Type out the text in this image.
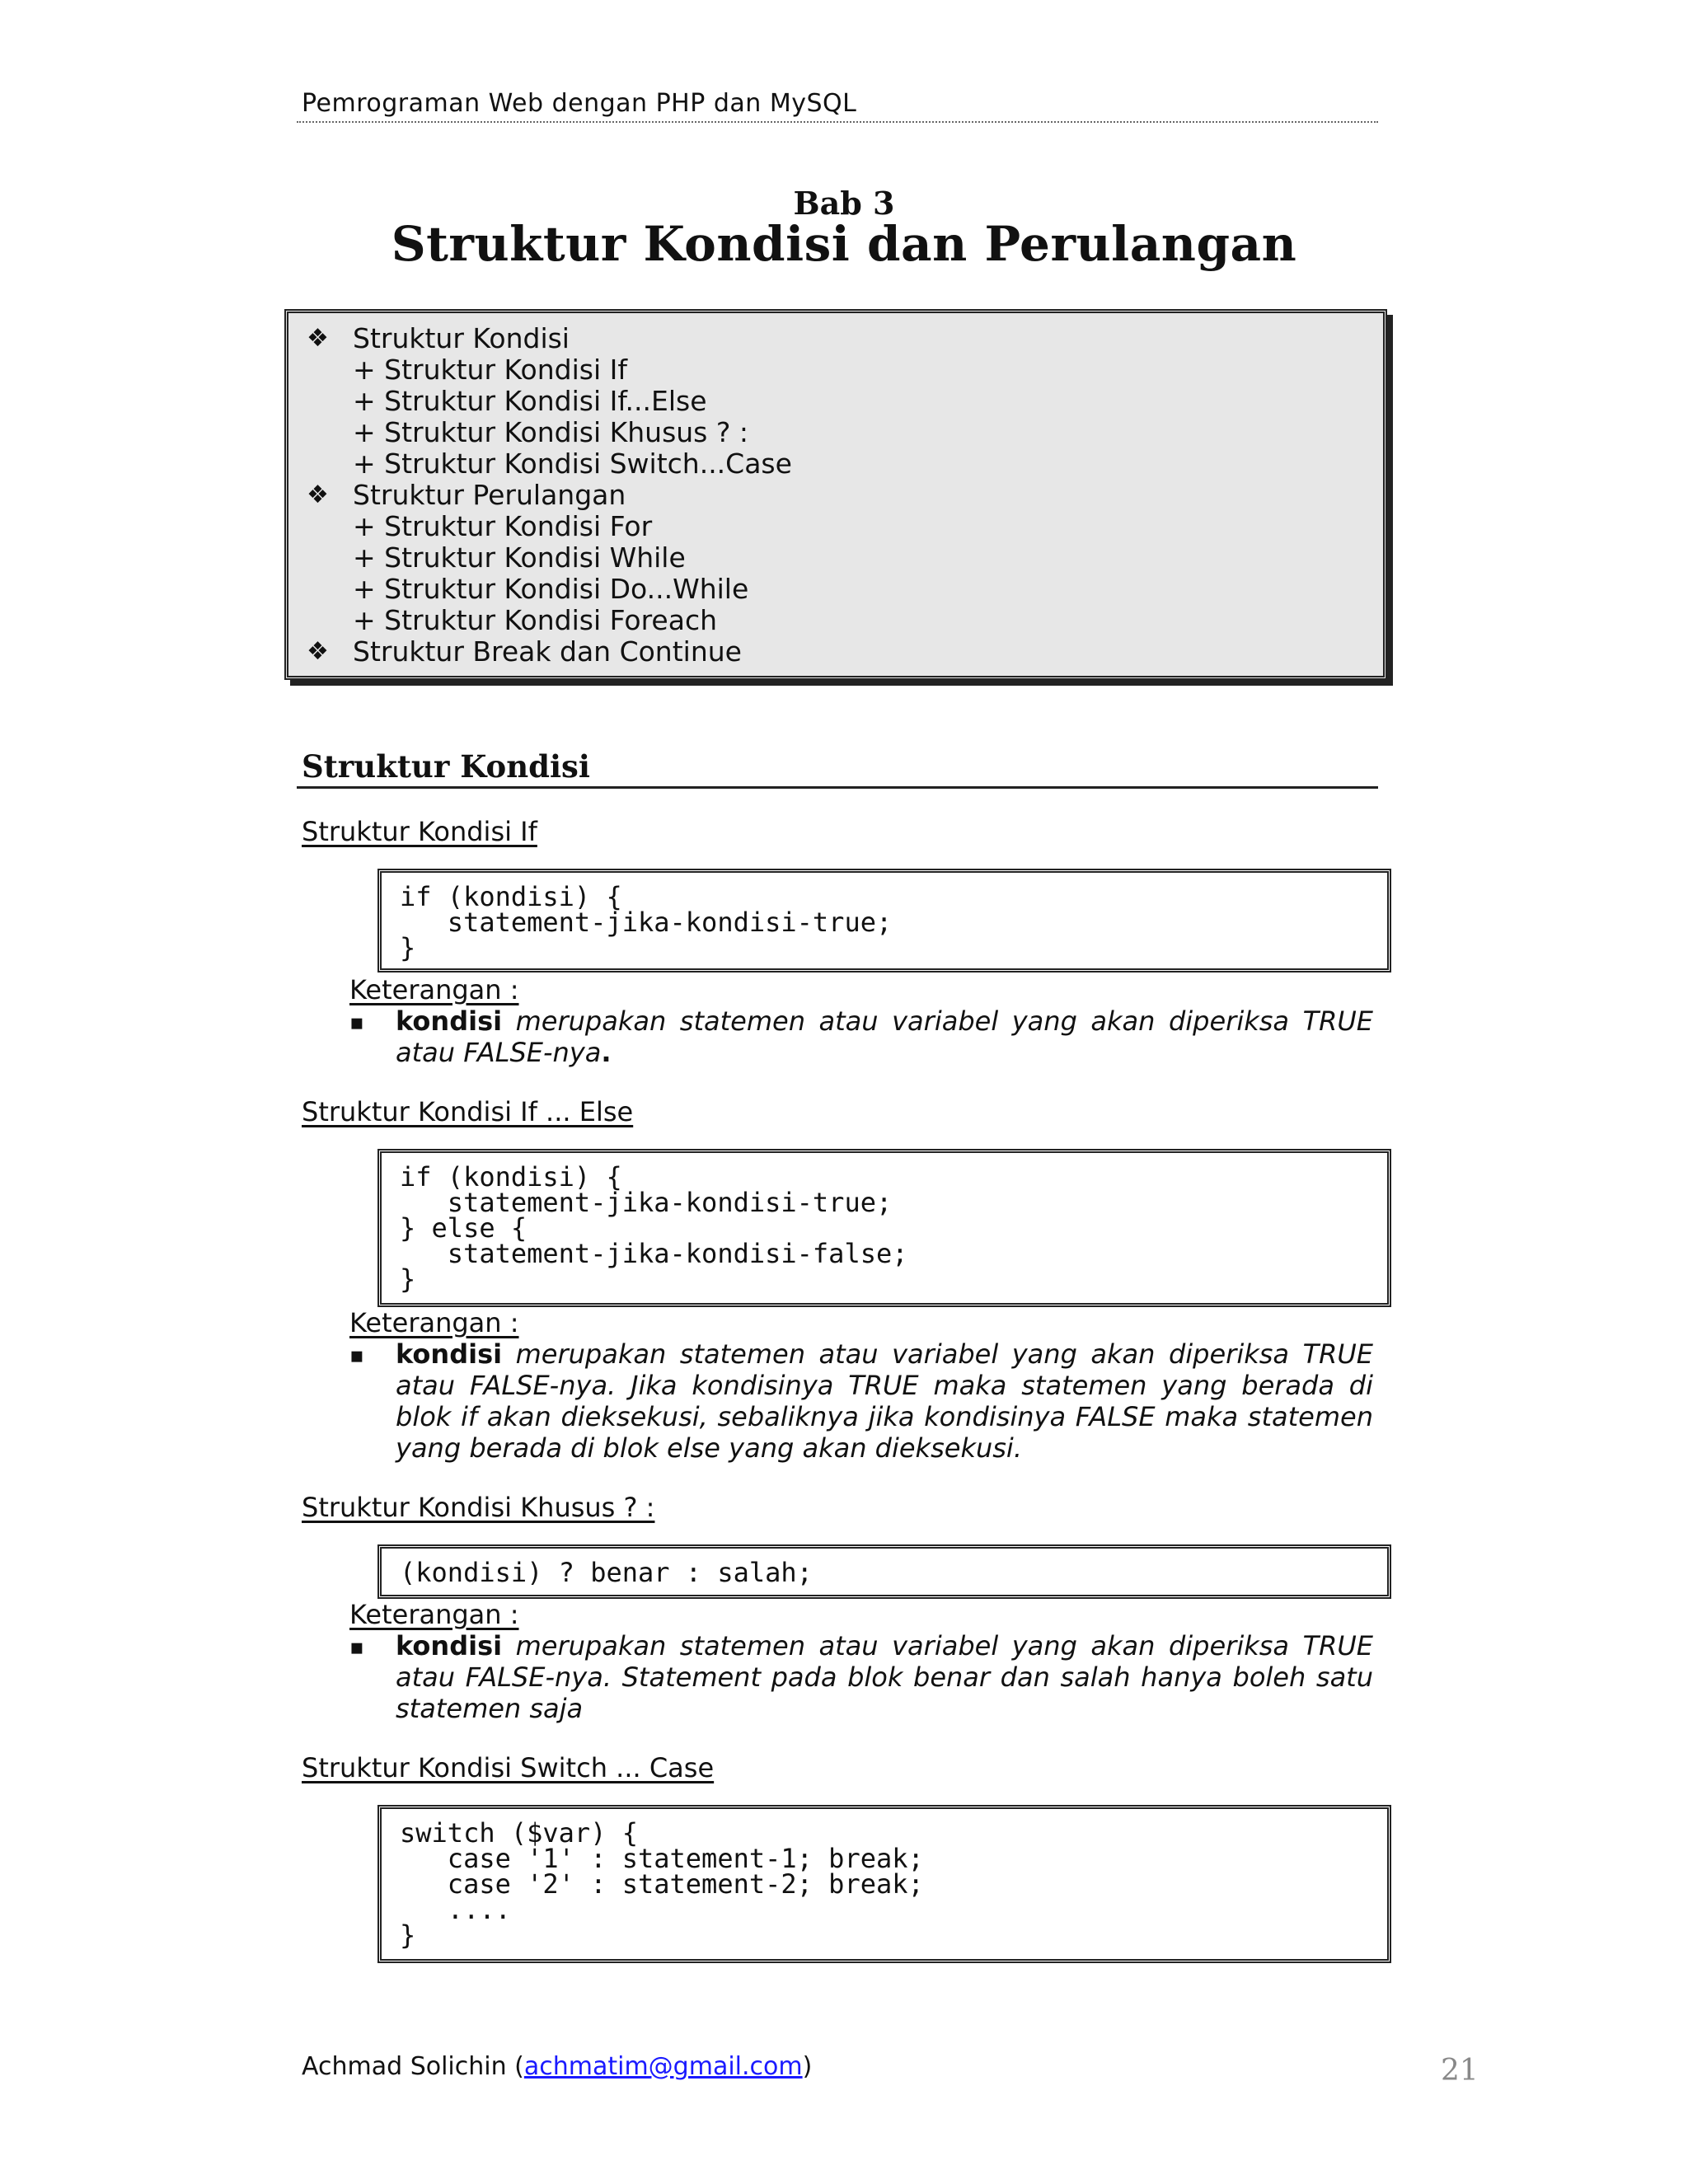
Pemrograman Web dengan PHP dan MySQL
Bab 3
Struktur Kondisi dan Perulangan
❖ Struktur Kondisi
+ Struktur Kondisi If
+ Struktur Kondisi If...Else
+ Struktur Kondisi Khusus ? :
+ Struktur Kondisi Switch...Case
❖ Struktur Perulangan
+ Struktur Kondisi For
+ Struktur Kondisi While
+ Struktur Kondisi Do...While
+ Struktur Kondisi Foreach
❖ Struktur Break dan Continue
Struktur Kondisi
Struktur Kondisi If
if (kondisi) {
statement-jika-kondisi-true;
}
Keterangan :
▪ kondisi merupakan statemen atau variabel yang akan diperiksa TRUE atau FALSE-nya.
Struktur Kondisi If ... Else
if (kondisi) {
statement-jika-kondisi-true;
} else {
statement-jika-kondisi-false;
}
Keterangan :
▪ kondisi merupakan statemen atau variabel yang akan diperiksa TRUE atau FALSE-nya. Jika kondisinya TRUE maka statemen yang berada di blok if akan dieksekusi, sebaliknya jika kondisinya FALSE maka statemen yang berada di blok else yang akan dieksekusi.
Struktur Kondisi Khusus ? :
(kondisi) ? benar : salah;
Keterangan :
▪ kondisi merupakan statemen atau variabel yang akan diperiksa TRUE atau FALSE-nya. Statement pada blok benar dan salah hanya boleh satu statemen saja
Struktur Kondisi Switch ... Case
switch ($var) {
case '1' : statement-1; break;
case '2' : statement-2; break;
....
}
Achmad Solichin (achmatim@gmail.com)	21
